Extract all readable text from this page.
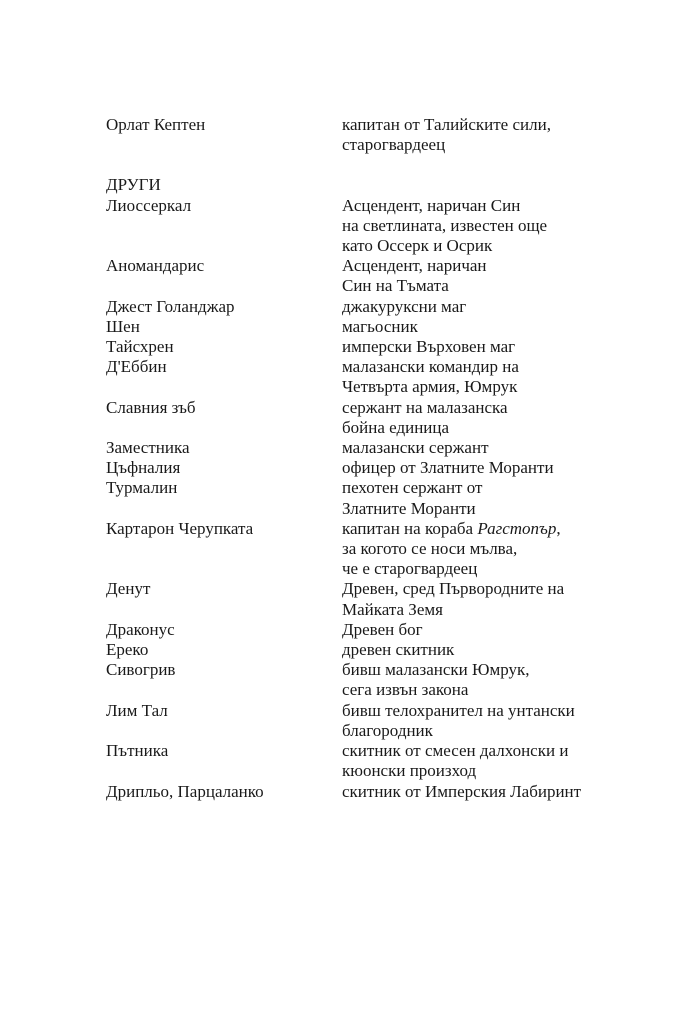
Орлат Кептен	капитан от Талийските сили,
старогвардеец
ДРУГИ
Лиоссеркал	Асцендент, наричан Син
на светлината, известен още
като Оссерк и Осрик
Аномандарис	Асцендент, наричан
Син на Тъмата
Джест Голанджар	джакуруксни маг
Шен	магьосник
Тайсхрен	имперски Върховен маг
Д'Еббин	малазански командир на
Четвърта армия, Юмрук
Славния зъб	сержант на малазанска
бойна единица
Заместника	малазански сержант
Цъфналия	офицер от Златните Моранти
Турмалин	пехотен сержант от
Златните Моранти
Картарон Черупката	капитан на кораба Рагстопър,
за когото се носи мълва,
че е старогвардеец
Денут	Древен, сред Първородните на
Майката Земя
Драконус	Древен бог
Ереко	древен скитник
Сивогрив	бивш малазански Юмрук,
сега извън закона
Лим Тал	бивш телохранител на унтански
благородник
Пътника	скитник от смесен далхонски и
кюонски произход
Дрипльо, Парцаланко	скитник от Имперския Лабиринт
